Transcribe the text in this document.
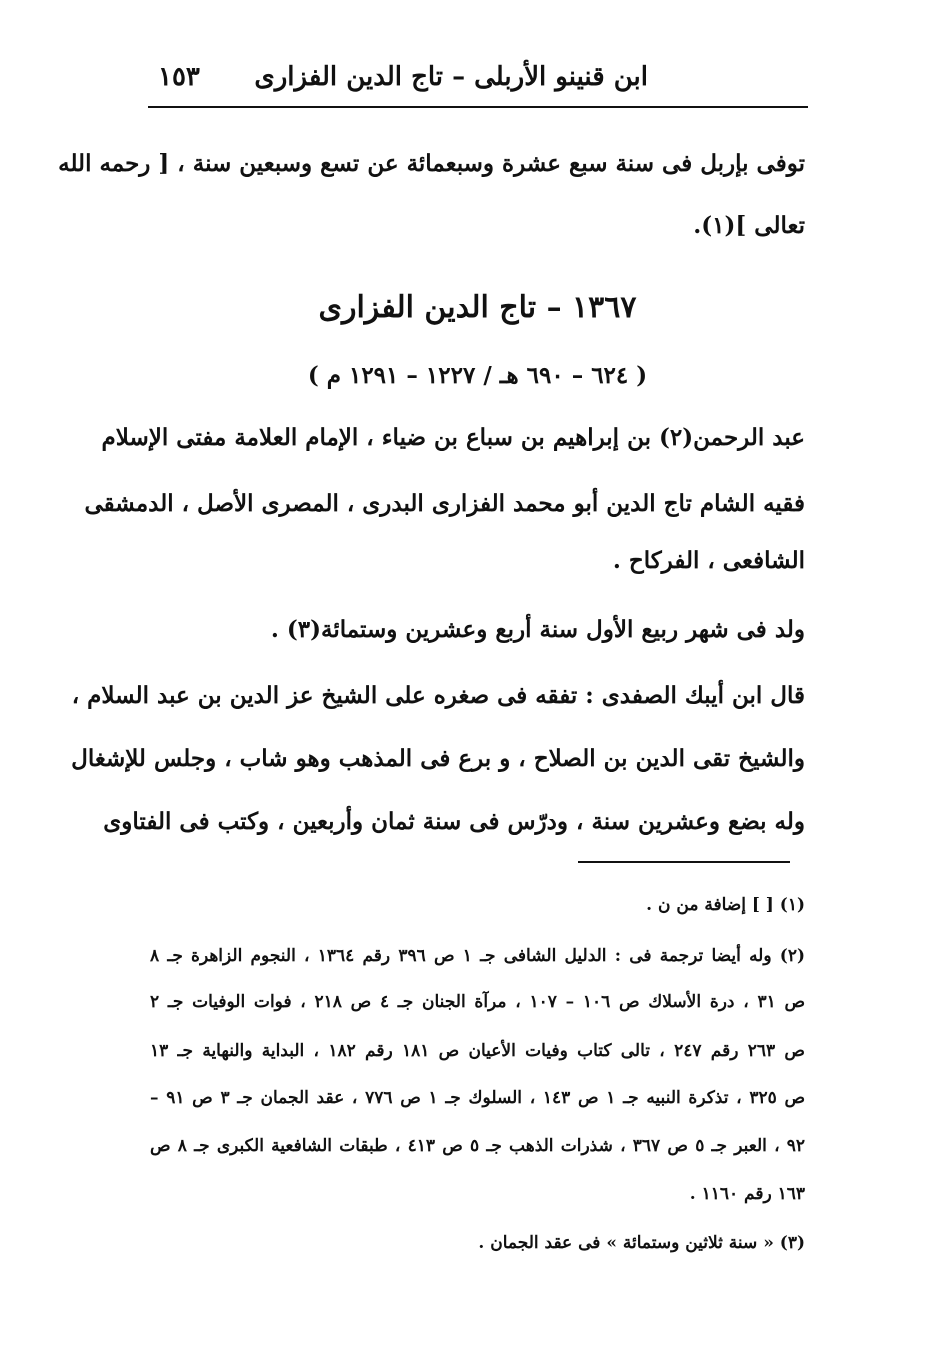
ابن قنينو الأربلى – تاج الدين الفزارى
١٥٣
توفى بإربل فى سنة سبع عشرة وسبعمائة عن تسع وسبعين سنة ، [ رحمه الله
تعالى ](١).
١٣٦٧ – تاج الدين الفزارى
( ٦٢٤ – ٦٩٠ هـ / ١٢٢٧ – ١٢٩١ م )
عبد الرحمن(٢) بن إبراهيم بن سباع بن ضياء ، الإمام العلامة مفتى الإسلام
فقيه الشام تاج الدين أبو محمد الفزارى البدرى ، المصرى الأصل ، الدمشقى
الشافعى ، الفركاح .
ولد فى شهر ربيع الأول سنة أربع وعشرين وستمائة(٣) .
قال ابن أيبك الصفدى : تفقه فى صغره على الشيخ عز الدين بن عبد السلام ،
والشيخ تقى الدين بن الصلاح ، و برع فى المذهب وهو شاب ، وجلس للإشغال
وله بضع وعشرين سنة ، ودرّس فى سنة ثمان وأربعين ، وكتب فى الفتاوى
(١) [ ] إضافة من ن .
(٢) وله أيضا ترجمة فى : الدليل الشافى جـ ١ ص ٣٩٦ رقم ١٣٦٤ ، النجوم الزاهرة جـ ٨
ص ٣١ ، درة الأسلاك ص ١٠٦ – ١٠٧ ، مرآة الجنان جـ ٤ ص ٢١٨ ، فوات الوفيات جـ ٢
ص ٢٦٣ رقم ٢٤٧ ، تالى كتاب وفيات الأعيان ص ١٨١ رقم ١٨٢ ، البداية والنهاية جـ ١٣
ص ٣٢٥ ، تذكرة النبيه جـ ١ ص ١٤٣ ، السلوك جـ ١ ص ٧٧٦ ، عقد الجمان جـ ٣ ص ٩١ –
٩٢ ، العبر جـ ٥ ص ٣٦٧ ، شذرات الذهب جـ ٥ ص ٤١٣ ، طبقات الشافعية الكبرى جـ ٨ ص
١٦٣ رقم ١١٦٠ .
(٣) « سنة ثلاثين وستمائة » فى عقد الجمان .
